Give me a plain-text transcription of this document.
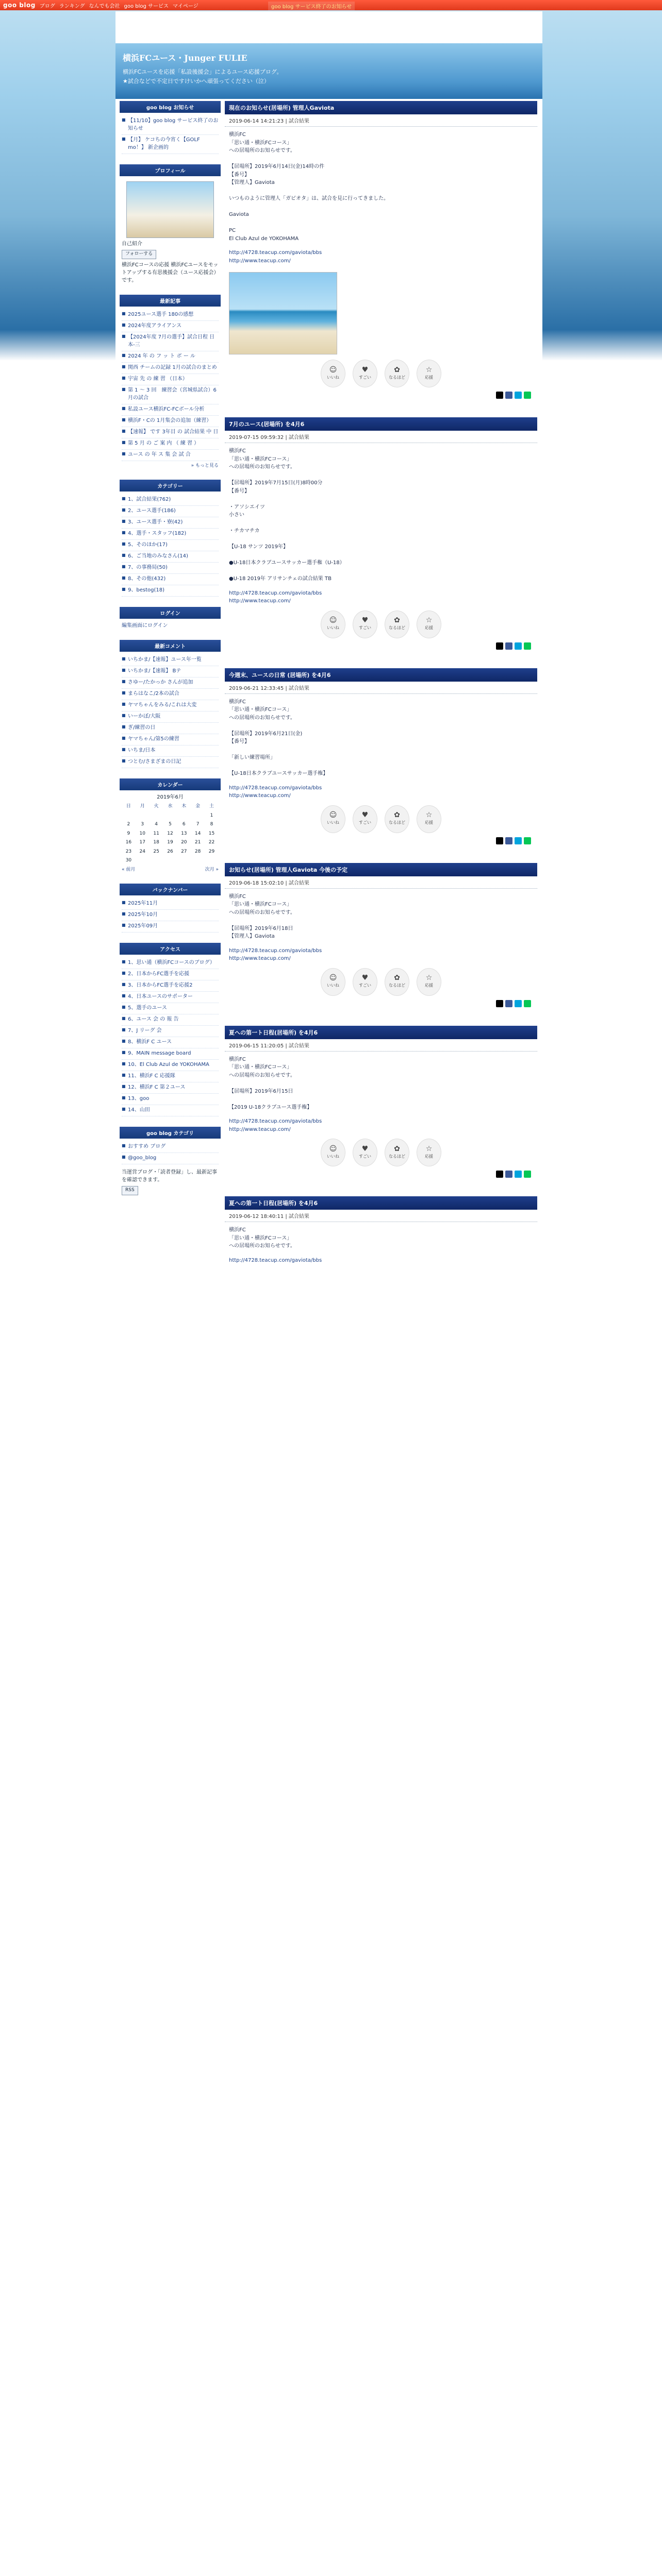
goo blog ブログ ランキング なんでも会社 goo blog サービス マイページ	goo blog サービス終了のお知らせ
横浜FCユース・Junger FULIE

横浜FCユースを応援「私設後援会」によるユース応援ブログ。
★試合などで不定日ですけいかへ頑張ってください（泣）

goo blog お知らせ
■ 【11/10】goo blog サービス終了のお知らせ
■ 【月】 ケコちの今宵く【GOLF mo！】 新企画的
プロフィール
自己紹介
フォローする

横浜FCコースの応援 横浜FCユースをモットアップする有思後援会（ユース応援会）です。

最新記事
■ 2025ユース選手 180の感想
■ 2024年度アライアンス
■ 【2024年度 7月の選手】試合日程 日本-三
■ 2024 年 の フ ッ ト ボ ー ル
■ 関西 チームの記録 1月の試合のまとめ
■ 宇宙 先 の 練 習 （日本）
■ 第 1 ～ 3 回　練習会（宮城県試合）6月の試合
■ 私設ユース横浜FC-FCボール分析
■ 横浜F・Cの 1月集会の追加（練習）
■ 【速報】 です 3年目 の 試合結果 中 日
■ 第 5 月 の ご 案 内 （ 練 習 ）
■ ユース の 年 ス 集 会 試 合
» もっと見る
カテゴリー
■ 1、試合結果(762)
■ 2、ユース選手(186)
■ 3、ユース選手・寮(42)
■ 4、選手・スタッフ(182)
■ 5、そのほか(17)
■ 6、ご当地のみなさん(14)
■ 7、の事務局(50)
■ 8、その他(432)
■ 9、bestog(18)
ログイン
編集画面にログイン
最新コメント
■ いちかま/【速報】ユース年一覧
■ いちかま/【速報】 Bテ
■ さゆー/たかっか さんが追加
■ まらはなこ/2本の試合
■ ヤマちゃんをみる/これは大変
■ いーかぼ/大阪
■ ぎ/練習の日
■ ヤマちゃん/第5の練習
■ いちま/日本
■ つとむ/さまざまの日記
カレンダー
2019年6月
日	月	火	水	木	金	土
						1
2	3	4	5	6	7	8
9	10	11	12	13	14	15
16	17	18	19	20	21	22
23	24	25	26	27	28	29
30						
« 前月	次月 »
バックナンバー
■ 2025年11月
■ 2025年10月
■ 2025年09月
アクセス
■ 1、思い通（横浜FCコースのブログ）
■ 2、日本からFC選手を応援
■ 3、日本からFC選手を応援2
■ 4、日本ユースのサポーター
■ 5、選手のユース
■ 6、ユース 会 の 報 告
■ 7、J リーグ 会
■ 8、横浜F C ユース
■ 9、MAIN message board
■ 10、El Club Azul de YOKOHAMA
■ 11、横浜F C 応援隊
■ 12、横浜F C 第２ユース
■ 13、goo
■ 14、山田
goo blog カテゴリ
■ おすすめ ブログ
■ @goo_blog

当運営ブログ・「読者登録」し、最新記事を確認できます。

RSS
現在のお知らせ(居場所) 管理人Gaviota
2019-06-14 14:21:23 | 試合結果

横浜FC
「思い通・横浜FCコース」
への居場所のお知らせです。

【居場所】2019年6月14日(金)14時の件
【番号】
【管理人】Gaviota

いつものように管理人「ガビオタ」は、試合を見に行ってきました。

Gaviota

PC
El Club Azul de YOKOHAMA

http://4728.teacup.com/gaviota/bbs
http://www.teacup.com/
☺
いいね
♥
すごい
✿
なるほど
☆
応援
7月のユース(居場所) を4月6
2019-07-15 09:59:32 | 試合結果

横浜FC
「思い通・横浜FCコース」
への居場所のお知らせです。

【居場所】2019年7月15日(月)8時00分
【番号】

・アソシエイツ
小さい

・チカマチカ

【U-18 サンツ 2019年】

●U-18日本クラブユースサッカー選手権（U-18）

●U-18 2019年 アリサンチェの試合結果 TB

http://4728.teacup.com/gaviota/bbs
http://www.teacup.com/
☺
いいね
♥
すごい
✿
なるほど
☆
応援
今週末、ユースの日常 (居場所) を4月6
2019-06-21 12:33:45 | 試合結果

横浜FC
「思い通・横浜FCコース」
への居場所のお知らせです。

【居場所】2019年6月21日(金)
【番号】

「新しい練習場所」

【U-18日本クラブユースサッカー選手権】

http://4728.teacup.com/gaviota/bbs
http://www.teacup.com/
☺
いいね
♥
すごい
✿
なるほど
☆
応援
お知らせ(居場所) 管理人Gaviota 今後の予定
2019-06-18 15:02:10 | 試合結果

横浜FC
「思い通・横浜FCコース」
への居場所のお知らせです。

【居場所】2019年6月18日
【管理人】Gaviota

http://4728.teacup.com/gaviota/bbs
http://www.teacup.com/
☺
いいね
♥
すごい
✿
なるほど
☆
応援
夏への第一ト日程(居場所) を4月6
2019-06-15 11:20:05 | 試合結果

横浜FC
「思い通・横浜FCコース」
への居場所のお知らせです。

【居場所】2019年6月15日

【2019 U-18クラブユース選手権】

http://4728.teacup.com/gaviota/bbs
http://www.teacup.com/
☺
いいね
♥
すごい
✿
なるほど
☆
応援
夏への第一ト日程(居場所) を4月6
2019-06-12 18:40:11 | 試合結果

横浜FC
「思い通・横浜FCコース」
への居場所のお知らせです。

http://4728.teacup.com/gaviota/bbs
